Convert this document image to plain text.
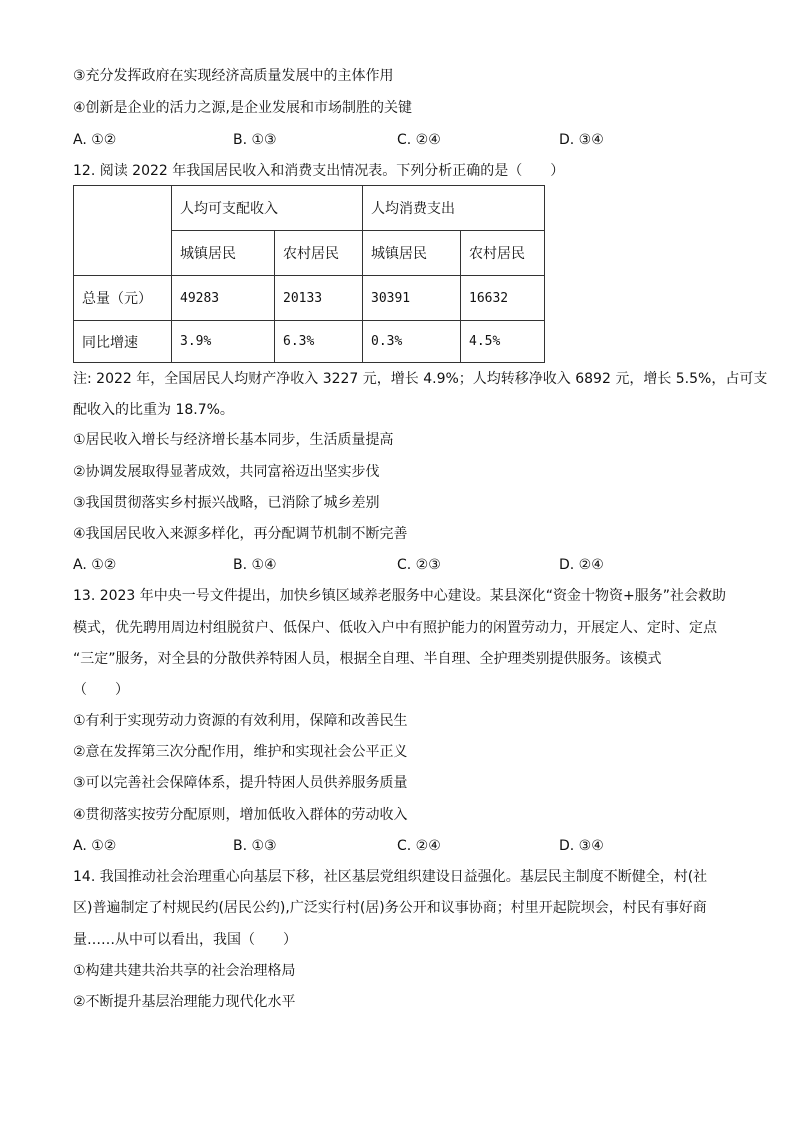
③充分发挥政府在实现经济高质量发展中的主体作用
④创新是企业的活力之源,是企业发展和市场制胜的关键
A. ①②	B. ①③	C. ②④	D. ③④
12. 阅读 2022 年我国居民收入和消费支出情况表。下列分析正确的是（　　）
	人均可支配收入		人均消费支出	
	城镇居民	农村居民	城镇居民	农村居民
总量（元）	49283	20133	30391	16632
同比增速	3.9%	6.3%	0.3%	4.5%
注: 2022 年，全国居民人均财产净收入 3227 元，增长 4.9%；人均转移净收入 6892 元，增长 5.5%，占可支
配收入的比重为 18.7%。
①居民收入增长与经济增长基本同步，生活质量提高
②协调发展取得显著成效，共同富裕迈出坚实步伐
③我国贯彻落实乡村振兴战略，已消除了城乡差别
④我国居民收入来源多样化，再分配调节机制不断完善
A. ①②	B. ①④	C. ②③	D. ②④
13. 2023 年中央一号文件提出，加快乡镇区域养老服务中心建设。某县深化“资金十物资+服务”社会救助
模式，优先聘用周边村组脱贫户、低保户、低收入户中有照护能力的闲置劳动力，开展定人、定时、定点
“三定”服务，对全县的分散供养特困人员，根据全自理、半自理、全护理类别提供服务。该模式
（　　）
①有利于实现劳动力资源的有效利用，保障和改善民生
②意在发挥第三次分配作用，维护和实现社会公平正义
③可以完善社会保障体系，提升特困人员供养服务质量
④贯彻落实按劳分配原则，增加低收入群体的劳动收入
A. ①②	B. ①③	C. ②④	D. ③④
14. 我国推动社会治理重心向基层下移，社区基层党组织建设日益强化。基层民主制度不断健全，村(社
区)普遍制定了村规民约(居民公约),广泛实行村(居)务公开和议事协商；村里开起院坝会，村民有事好商
量……从中可以看出，我国（　　）
①构建共建共治共享的社会治理格局
②不断提升基层治理能力现代化水平
